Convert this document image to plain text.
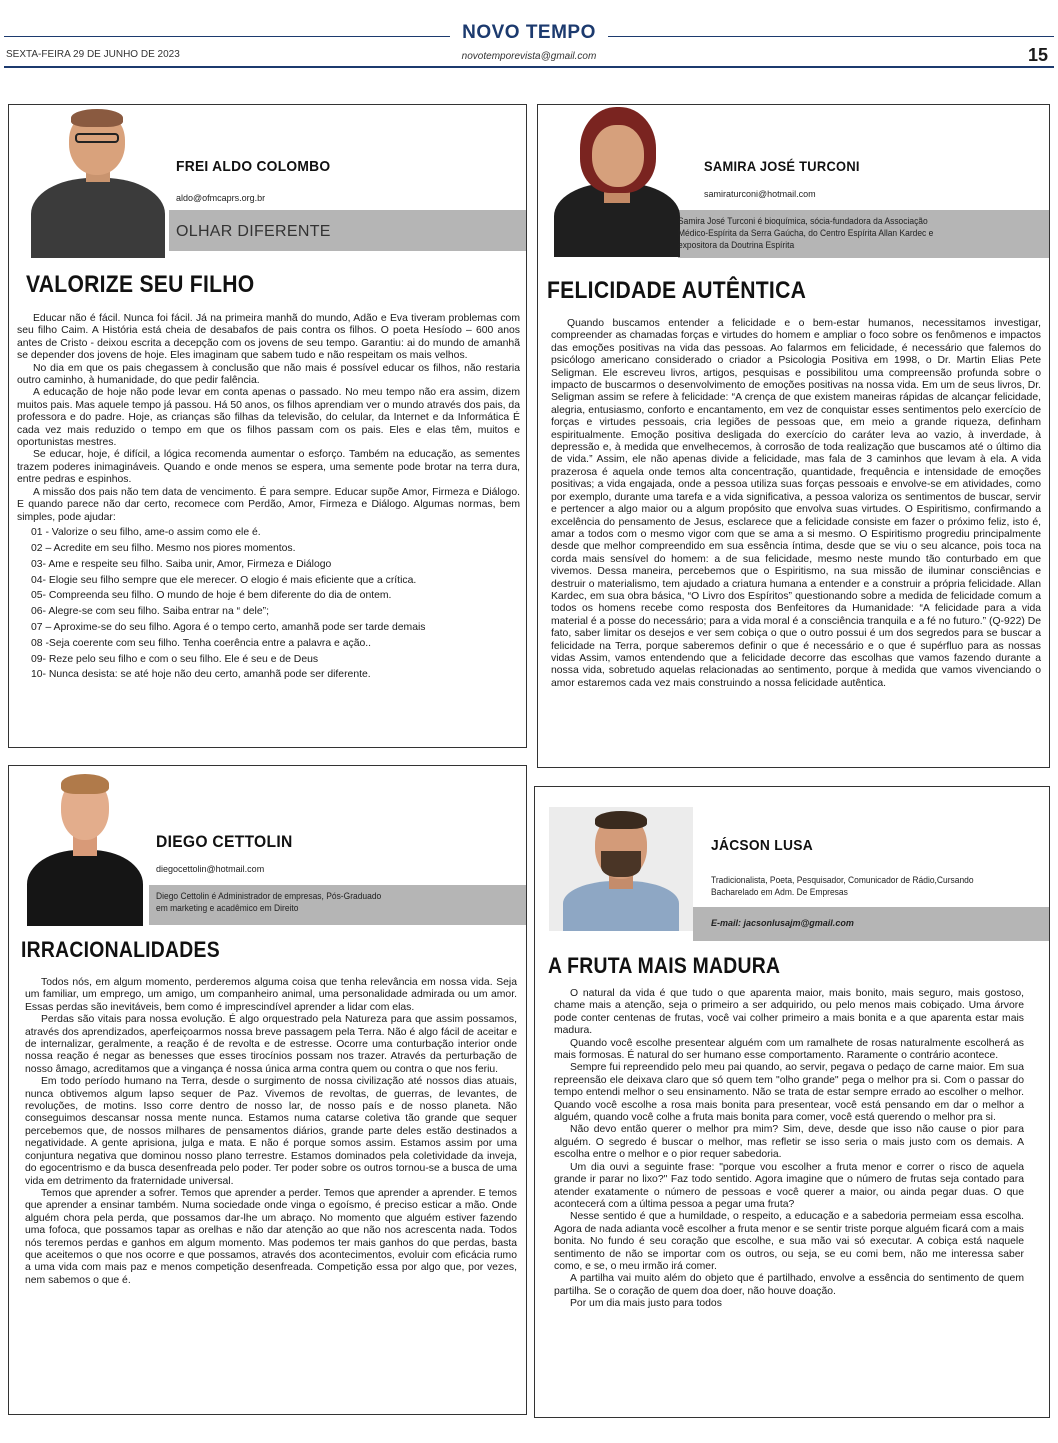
NOVO TEMPO
SEXTA-FEIRA 29 DE JUNHO DE 2023	novotemporevista@gmail.com	15
FREI ALDO COLOMBO
aldo@ofmcaprs.org.br
OLHAR DIFERENTE
VALORIZE SEU FILHO

Educar não é fácil. Nunca foi fácil. Já na primeira manhã do mundo, Adão e Eva tiveram problemas com seu filho Caim. A História está cheia de desabafos de pais contra os filhos. O poeta Hesíodo – 600 anos antes de Cristo - deixou escrita a decepção com os jovens de seu tempo. Garantiu: ai do mundo de amanhã se depender dos jovens de hoje. Eles imaginam que sabem tudo e não respeitam os mais velhos.

No dia em que os pais chegassem à conclusão que não mais é possível educar os filhos, não restaria outro caminho, à humanidade, do que pedir falência.

A educação de hoje não pode levar em conta apenas o passado. No meu tempo não era assim, dizem muitos pais. Mas aquele tempo já passou. Há 50 anos, os filhos aprendiam ver o mundo através dos pais, da professora e do padre. Hoje, as crianças são filhas da televisão, do celular, da Internet e da Informática É cada vez mais reduzido o tempo em que os filhos passam com os pais. Eles e elas têm, muitos e oportunistas mestres.

Se educar, hoje, é difícil, a lógica recomenda aumentar o esforço. Também na educação, as sementes trazem poderes inimagináveis. Quando e onde menos se espera, uma semente pode brotar na terra dura, entre pedras e espinhos.

A missão dos pais não tem data de vencimento. É para sempre. Educar supõe Amor, Firmeza e Diálogo. E quando parece não dar certo, recomece com Perdão, Amor, Firmeza e Diálogo. Algumas normas, bem simples, pode ajudar:

01 - Valorize o seu filho, ame-o assim como ele é.

02 – Acredite em seu filho. Mesmo nos piores momentos.

03- Ame e respeite seu filho. Saiba unir, Amor, Firmeza e Diálogo

04- Elogie seu filho sempre que ele merecer. O elogio é mais eficiente que a crítica.

05- Compreenda seu filho. O mundo de hoje é bem diferente do dia de ontem.

06- Alegre-se com seu filho. Saiba entrar na “ dele”;

07 – Aproxime-se do seu filho. Agora é o tempo certo, amanhã pode ser tarde demais

08 -Seja coerente com seu filho. Tenha coerência entre a palavra e ação..

09- Reze pelo seu filho e com o seu filho. Ele é seu e de Deus

10- Nunca desista: se até hoje não deu certo, amanhã pode ser diferente.

SAMIRA JOSÉ TURCONI
samiraturconi@hotmail.com
Samira José Turconi é bioquímica, sócia-fundadora da Associação Médico-Espírita da Serra Gaúcha, do Centro Espírita Allan Kardec e expositora da Doutrina Espírita
FELICIDADE AUTÊNTICA

Quando buscamos entender a felicidade e o bem-estar humanos, necessitamos investigar, compreender as chamadas forças e virtudes do homem e ampliar o foco sobre os fenômenos e impactos das emoções positivas na vida das pessoas. Ao falarmos em felicidade, é necessário que falemos do psicólogo americano considerado o criador a Psicologia Positiva em 1998, o Dr. Martin Elias Pete Seligman. Ele escreveu livros, artigos, pesquisas e possibilitou uma compreensão profunda sobre o impacto de buscarmos o desenvolvimento de emoções positivas na nossa vida. Em um de seus livros, Dr. Seligman assim se refere à felicidade: “A crença de que existem maneiras rápidas de alcançar felicidade, alegria, entusiasmo, conforto e encantamento, em vez de conquistar esses sentimentos pelo exercício de forças e virtudes pessoais, cria legiões de pessoas que, em meio a grande riqueza, definham espiritualmente. Emoção positiva desligada do exercício do caráter leva ao vazio, à inverdade, à depressão e, à medida que envelhecemos, à corrosão de toda realização que buscamos até o último dia de vida.” Assim, ele não apenas divide a felicidade, mas fala de 3 caminhos que levam à ela. A vida prazerosa é aquela onde temos alta concentração, quantidade, frequência e intensidade de emoções positivas; a vida engajada, onde a pessoa utiliza suas forças pessoais e envolve-se em atividades, como por exemplo, durante uma tarefa e a vida significativa, a pessoa valoriza os sentimentos de buscar, servir e pertencer a algo maior ou a algum propósito que envolva suas virtudes. O Espiritismo, confirmando a excelência do pensamento de Jesus, esclarece que a felicidade consiste em fazer o próximo feliz, isto é, amar a todos com o mesmo vigor com que se ama a si mesmo. O Espiritismo progrediu principalmente desde que melhor compreendido em sua essência íntima, desde que se viu o seu alcance, pois toca na corda mais sensível do homem: a de sua felicidade, mesmo neste mundo tão conturbado em que vivemos. Dessa maneira, percebemos que o Espiritismo, na sua missão de iluminar consciências e destruir o materialismo, tem ajudado a criatura humana a entender e a construir a própria felicidade. Allan Kardec, em sua obra básica, “O Livro dos Espíritos” questionando sobre a medida de felicidade comum a todos os homens recebe como resposta dos Benfeitores da Humanidade: “A felicidade para a vida material é a posse do necessário; para a vida moral é a consciência tranquila e a fé no futuro.” (Q-922) De fato, saber limitar os desejos e ver sem cobiça o que o outro possui é um dos segredos para se buscar a felicidade na Terra, porque saberemos definir o que é necessário e o que é supérfluo para as nossas vidas Assim, vamos entendendo que a felicidade decorre das escolhas que vamos fazendo durante a nossa vida, sobretudo aquelas relacionadas ao sentimento, porque à medida que vamos vivenciando o amor estaremos cada vez mais construindo a nossa felicidade autêntica.

DIEGO CETTOLIN
diegocettolin@hotmail.com
Diego Cettolin é Administrador de empresas, Pós-Graduado em marketing e acadêmico em Direito
IRRACIONALIDADES

Todos nós, em algum momento, perderemos alguma coisa que tenha relevância em nossa vida. Seja um familiar, um emprego, um amigo, um companheiro animal, uma personalidade admirada ou um amor. Essas perdas são inevitáveis, bem como é imprescindível aprender a lidar com elas.

Perdas são vitais para nossa evolução. É algo orquestrado pela Natureza para que assim possamos, através dos aprendizados, aperfeiçoarmos nossa breve passagem pela Terra. Não é algo fácil de aceitar e de internalizar, geralmente, a reação é de revolta e de estresse. Ocorre uma conturbação interior onde nossa reação é negar as benesses que esses tirocínios possam nos trazer. Através da perturbação de nosso âmago, acreditamos que a vingança é nossa única arma contra quem ou contra o que nos feriu.

Em todo período humano na Terra, desde o surgimento de nossa civilização até nossos dias atuais, nunca obtivemos algum lapso sequer de Paz. Vivemos de revoltas, de guerras, de levantes, de revoluções, de motins. Isso corre dentro de nosso lar, de nosso país e de nosso planeta. Não conseguimos descansar nossa mente nunca. Estamos numa catarse coletiva tão grande que sequer percebemos que, de nossos milhares de pensamentos diários, grande parte deles estão destinados a negatividade. A gente aprisiona, julga e mata. E não é porque somos assim. Estamos assim por uma conjuntura negativa que dominou nosso plano terrestre. Estamos dominados pela coletividade da inveja, do egocentrismo e da busca desenfreada pelo poder. Ter poder sobre os outros tornou-se a busca de uma vida em detrimento da fraternidade universal.

Temos que aprender a sofrer. Temos que aprender a perder. Temos que aprender a aprender. E temos que aprender a ensinar também. Numa sociedade onde vinga o egoísmo, é preciso esticar a mão. Onde alguém chora pela perda, que possamos dar-lhe um abraço. No momento que alguém estiver fazendo uma fofoca, que possamos tapar as orelhas e não dar atenção ao que não nos acrescenta nada. Todos nós teremos perdas e ganhos em algum momento. Mas podemos ter mais ganhos do que perdas, basta que aceitemos o que nos ocorre e que possamos, através dos acontecimentos, evoluir com eficácia rumo a uma vida com mais paz e menos competição desenfreada. Competição essa por algo que, por vezes, nem sabemos o que é.

JÁCSON LUSA
Tradicionalista, Poeta, Pesquisador, Comunicador de Rádio,Cursando Bacharelado em Adm. De Empresas
E-mail: jacsonlusajm@gmail.com
A FRUTA MAIS MADURA

O natural da vida é que tudo o que aparenta maior, mais bonito, mais seguro, mais gostoso, chame mais a atenção, seja o primeiro a ser adquirido, ou pelo menos mais cobiçado. Uma árvore pode conter centenas de frutas, você vai colher primeiro a mais bonita e a que aparenta estar mais madura.

Quando você escolhe presentear alguém com um ramalhete de rosas naturalmente escolherá as mais formosas. É natural do ser humano esse comportamento. Raramente o contrário acontece.

Sempre fui repreendido pelo meu pai quando, ao servir, pegava o pedaço de carne maior. Em sua repreensão ele deixava claro que só quem tem "olho grande" pega o melhor pra si. Com o passar do tempo entendi melhor o seu ensinamento. Não se trata de estar sempre errado ao escolher o melhor. Quando você escolhe a rosa mais bonita para presentear, você está pensando em dar o melhor a alguém, quando você colhe a fruta mais bonita para comer, você está querendo o melhor pra si.

Não devo então querer o melhor pra mim? Sim, deve, desde que isso não cause o pior para alguém. O segredo é buscar o melhor, mas refletir se isso seria o mais justo com os demais. A escolha entre o melhor e o pior requer sabedoria.

Um dia ouvi a seguinte frase: "porque vou escolher a fruta menor e correr o risco de aquela grande ir parar no lixo?" Faz todo sentido. Agora imagine que o número de frutas seja contado para atender exatamente o número de pessoas e você querer a maior, ou ainda pegar duas. O que acontecerá com a última pessoa a pegar uma fruta?

Nesse sentido é que a humildade, o respeito, a educação e a sabedoria permeiam essa escolha. Agora de nada adianta você escolher a fruta menor e se sentir triste porque alguém ficará com a mais bonita. No fundo é seu coração que escolhe, e sua mão vai só executar. A cobiça está naquele sentimento de não se importar com os outros, ou seja, se eu comi bem, não me interessa saber como, e se, o meu irmão irá comer.

A partilha vai muito além do objeto que é partilhado, envolve a essência do sentimento de quem partilha. Se o coração de quem doa doer, não houve doação.

Por um dia mais justo para todos
